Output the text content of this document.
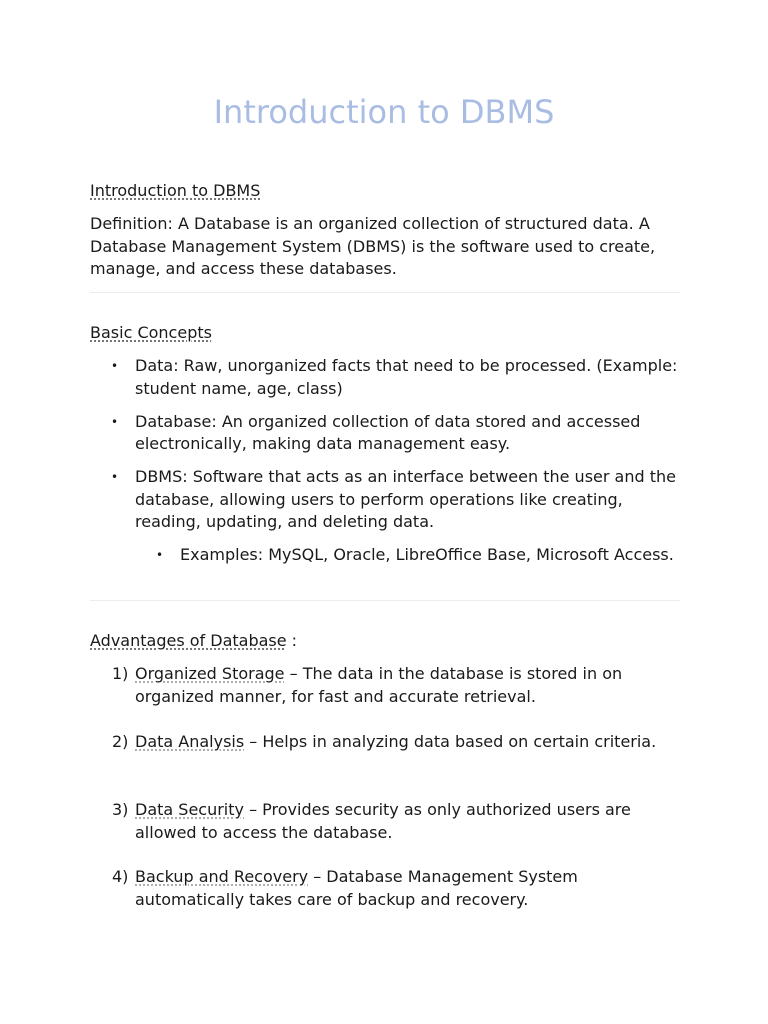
Introduction to DBMS
Introduction to DBMS

Definition: A Database is an organized collection of structured data. A Database Management System (DBMS) is the software used to create, manage, and access these databases.

Basic Concepts
• Data: Raw, unorganized facts that need to be processed. (Example: student name, age, class)
• Database: An organized collection of data stored and accessed electronically, making data management easy.
• DBMS: Software that acts as an interface between the user and the database, allowing users to perform operations like creating, reading, updating, and deleting data.
• Examples: MySQL, Oracle, LibreOffice Base, Microsoft Access.
Advantages of Database :
1) Organized Storage – The data in the database is stored in on organized manner, for fast and accurate retrieval.
2) Data Analysis – Helps in analyzing data based on certain criteria.
3) Data Security – Provides security as only authorized users are allowed to access the database.
4) Backup and Recovery – Database Management System automatically takes care of backup and recovery.
